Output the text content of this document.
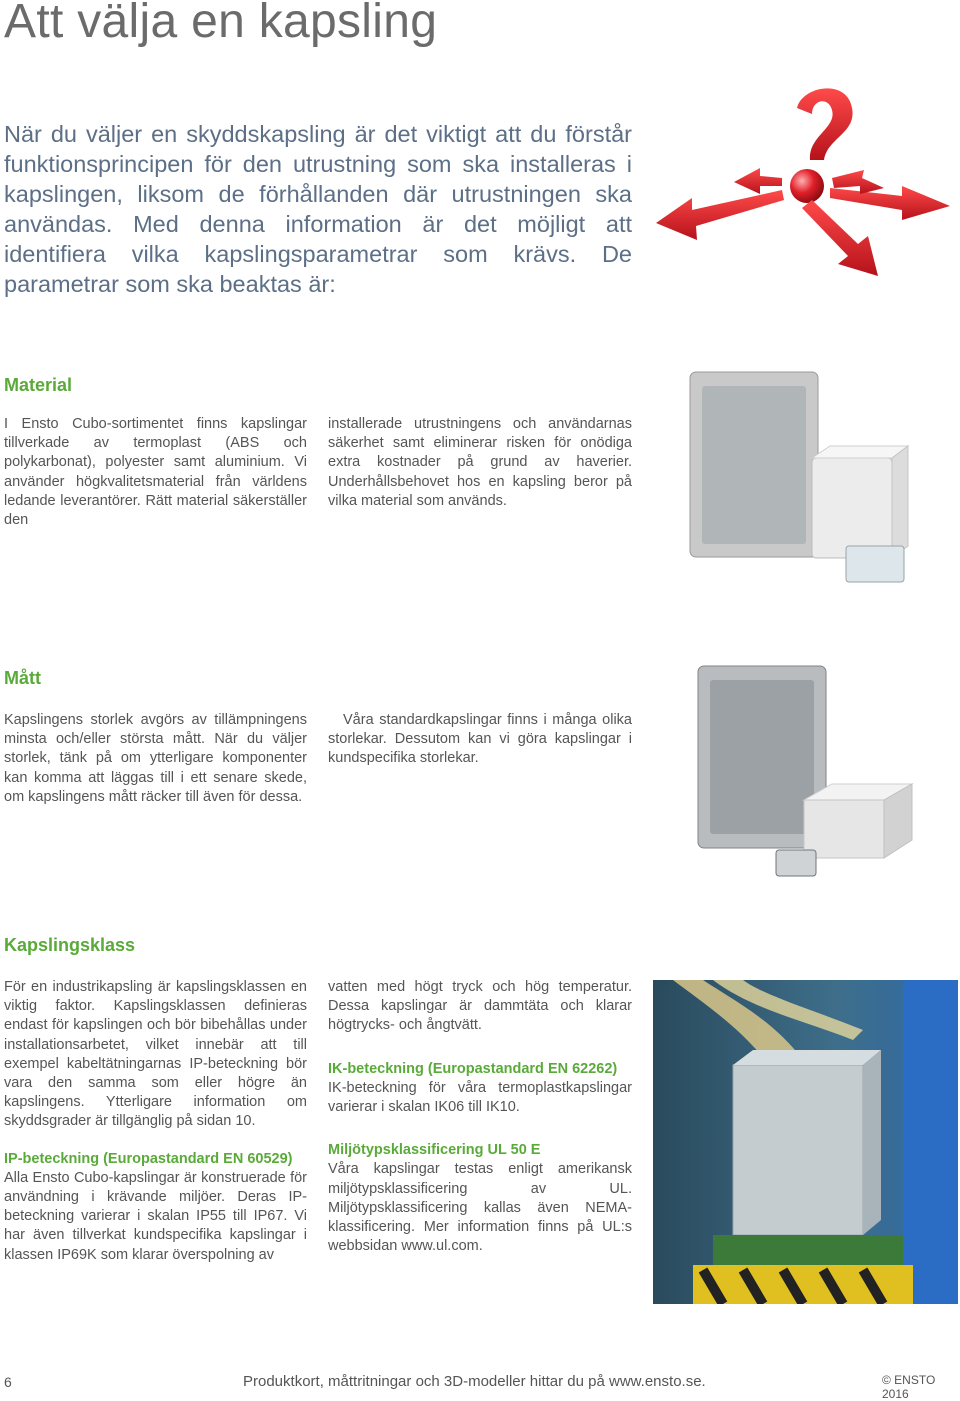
Att välja en kapsling

När du väljer en skyddskapsling är det viktigt att du förstår funktionsprincipen för den utrustning som ska installeras i kapslingen, liksom de förhållanden där utrustningen ska användas. Med denna information är det möjligt att identifiera vilka kapslingsparametrar som krävs. De parametrar som ska beaktas är:

Material

I Ensto Cubo-sortimentet finns kapslingar tillverkade av termoplast (ABS och polykarbonat), polyester samt aluminium. Vi använder högkvalitetsmaterial från världens ledande leverantörer. Rätt material säkerställer den

installerade utrustningens och användarnas säkerhet samt eliminerar risken för onödiga extra kostnader på grund av haverier. Underhållsbehovet hos en kapsling beror på vilka material som används.

Mått

Kapslingens storlek avgörs av tillämpningens minsta och/eller största mått. När du väljer storlek, tänk på om ytterligare komponenter kan komma att läggas till i ett senare skede, om kapslingens mått räcker till även för dessa.

Våra standardkapslingar finns i många olika storlekar. Dessutom kan vi göra kapslingar i kundspecifika storlekar.

Kapslingsklass

För en industrikapsling är kapslingsklassen en viktig faktor. Kapslingsklassen definieras endast för kapslingen och bör bibehållas under installationsarbetet, vilket innebär att till exempel kabeltätningarnas IP-beteckning bör vara den samma som eller högre än kapslingens. Ytterligare information om skyddsgrader är tillgänglig på sidan 10.

IP-beteckning (Europastandard EN 60529)

Alla Ensto Cubo-kapslingar är konstruerade för användning i krävande miljöer. Deras IP-beteckning varierar i skalan IP55 till IP67. Vi har även tillverkat kundspecifika kapslingar i klassen IP69K som klarar överspolning av

vatten med högt tryck och hög temperatur. Dessa kapslingar är dammtäta och klarar högtrycks- och ångtvätt.

IK-beteckning (Europastandard EN 62262)

IK-beteckning för våra termoplastkapslingar varierar i skalan IK06 till IK10.

Miljötypsklassificering UL 50 E

Våra kapslingar testas enligt amerikansk miljötypsklassificering av UL. Miljötypsklassificering kallas även NEMA-klassificering. Mer information finns på UL:s webbsidan www.ul.com.

6	Produktkort, måttritningar och 3D-modeller hittar du på www.ensto.se.	© ENSTO 2016
